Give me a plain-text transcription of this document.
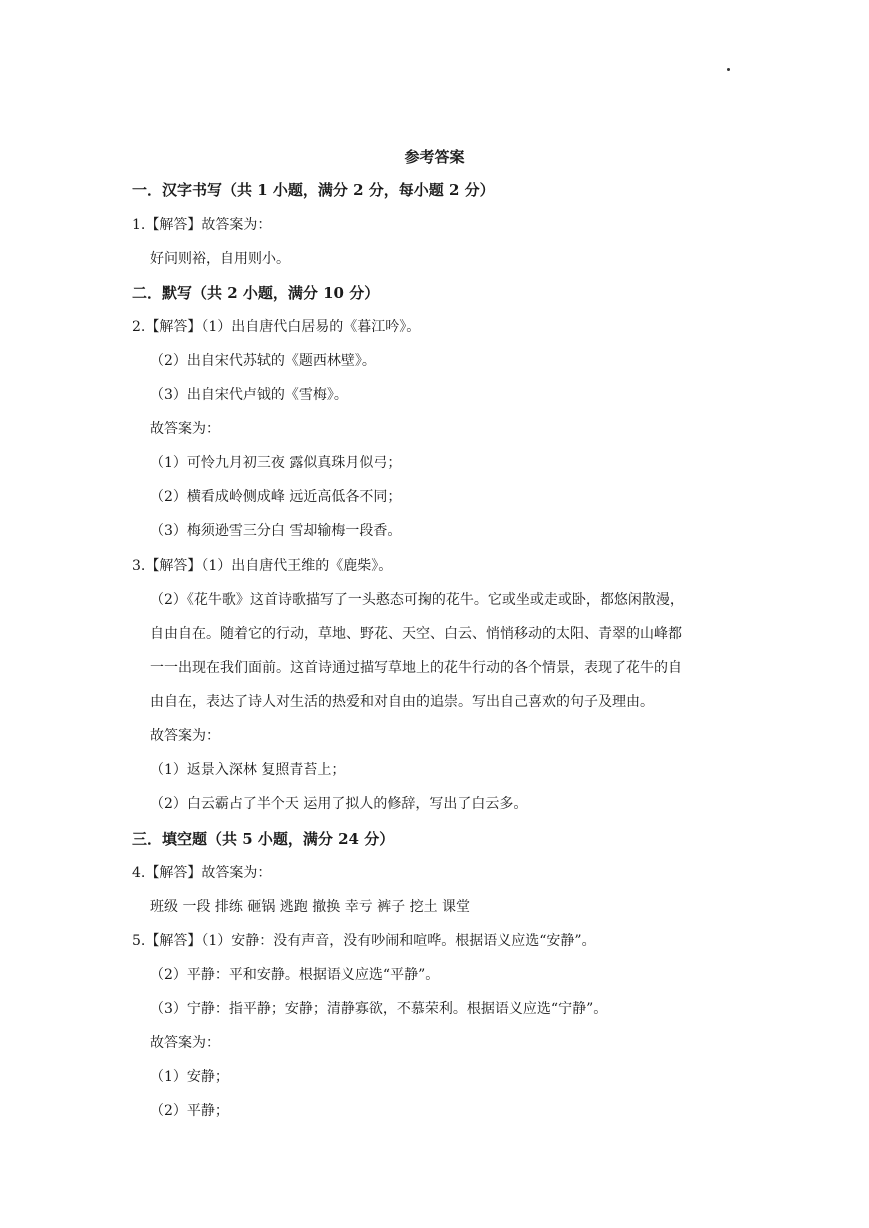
参考答案
一．汉字书写（共 1 小题，满分 2 分，每小题 2 分）
1.【解答】故答案为：
好问则裕，自用则小。
二．默写（共 2 小题，满分 10 分）
2.【解答】（1）出自唐代白居易的《暮江吟》。
（2）出自宋代苏轼的《题西林壁》。
（3）出自宋代卢钺的《雪梅》。
故答案为：
（1）可怜九月初三夜 露似真珠月似弓；
（2）横看成岭侧成峰 远近高低各不同；
（3）梅须逊雪三分白 雪却输梅一段香。
3.【解答】（1）出自唐代王维的《鹿柴》。
（2）《花牛歌》这首诗歌描写了一头憨态可掬的花牛。它或坐或走或卧，都悠闲散漫，
自由自在。随着它的行动，草地、野花、天空、白云、悄悄移动的太阳、青翠的山峰都
一一出现在我们面前。这首诗通过描写草地上的花牛行动的各个情景，表现了花牛的自
由自在，表达了诗人对生活的热爱和对自由的追崇。写出自己喜欢的句子及理由。
故答案为：
（1）返景入深林 复照青苔上；
（2）白云霸占了半个天 运用了拟人的修辞，写出了白云多。
三．填空题（共 5 小题，满分 24 分）
4.【解答】故答案为：
班级 一段 排练 砸锅 逃跑 撤换 幸亏 裤子 挖土 课堂
5.【解答】（1）安静：没有声音，没有吵闹和喧哗。根据语义应选“安静”。
（2）平静：平和安静。根据语义应选“平静”。
（3）宁静：指平静；安静；清静寡欲，不慕荣利。根据语义应选“宁静”。
故答案为：
（1）安静；
（2）平静；
